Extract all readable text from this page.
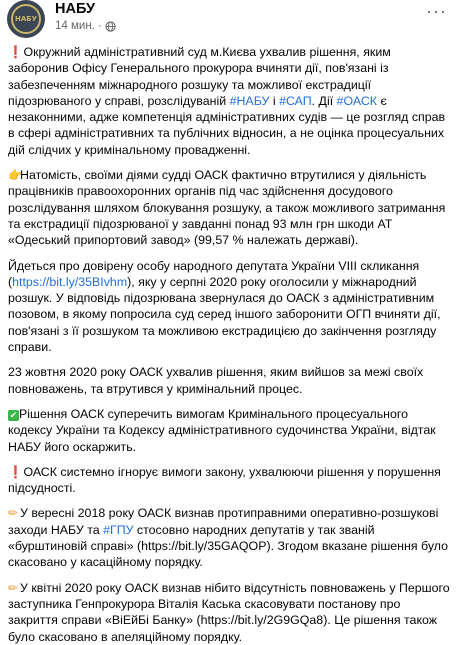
НАБУ
НАБУ
14 мин. ·
···

❗ Окружний адміністративний суд м.Києва ухвалив рішення, яким заборонив Офісу Генерального прокурора вчиняти дії, пов'язані із забезпеченням міжнародного розшуку та можливої екстрадиції підозрюваного у справі, розслідуваній #НАБУ і #САП. Дії #ОАСК є незаконними, адже компетенція адміністративних судів — це розгляд справ в сфері адміністративних та публічних відносин, а не оцінка процесуальних дій слідчих у кримінальному провадженні.

👉Натомість, своїми діями судді ОАСК фактично втрутилися у діяльність працівників правоохоронних органів під час здійснення досудового розслідування шляхом блокування розшуку, а також можливого затримання та екстрадиції підозрюваної у завданні понад 93 млн грн шкоди АТ «Одеський припортовий завод» (99,57 % належать державі).

Йдеться про довірену особу народного депутата України VIII скликання (https://bit.ly/35BIvhm), яку у серпні 2020 року оголосили у міжнародний розшук. У відповідь підозрювана звернулася до ОАСК з адміністративним позовом, в якому попросила суд серед іншого заборонити ОГП вчиняти дії, пов'язані з її розшуком та можливою екстрадицією до закінчення розгляду справи.

23 жовтня 2020 року ОАСК ухвалив рішення, яким вийшов за межі своїх повноважень, та втрутився у кримінальний процес.

✔ Рішення ОАСК суперечить вимогам Кримінального процесуального кодексу України та Кодексу адміністративного судочинства України, відтак НАБУ його оскаржить.

❗ ОАСК системно ігнорує вимоги закону, ухвалюючи рішення у порушення підсудності.

✏ У вересні 2018 року ОАСК визнав протиправними оперативно-розшукові заходи НАБУ та #ГПУ стосовно народних депутатів у так званій «бурштиновій справі» (https://bit.ly/35GAQOP). Згодом вказане рішення було скасовано у касаційному порядку.

✏ У квітні 2020 року ОАСК визнав нібито відсутність повноважень у Першого заступника Генпрокурора Віталія Каська скасовувати постанову про закриття справи «ВіЕйБі Банку» (https://bit.ly/2G9GQa8). Це рішення також було скасовано в апеляційному порядку.
